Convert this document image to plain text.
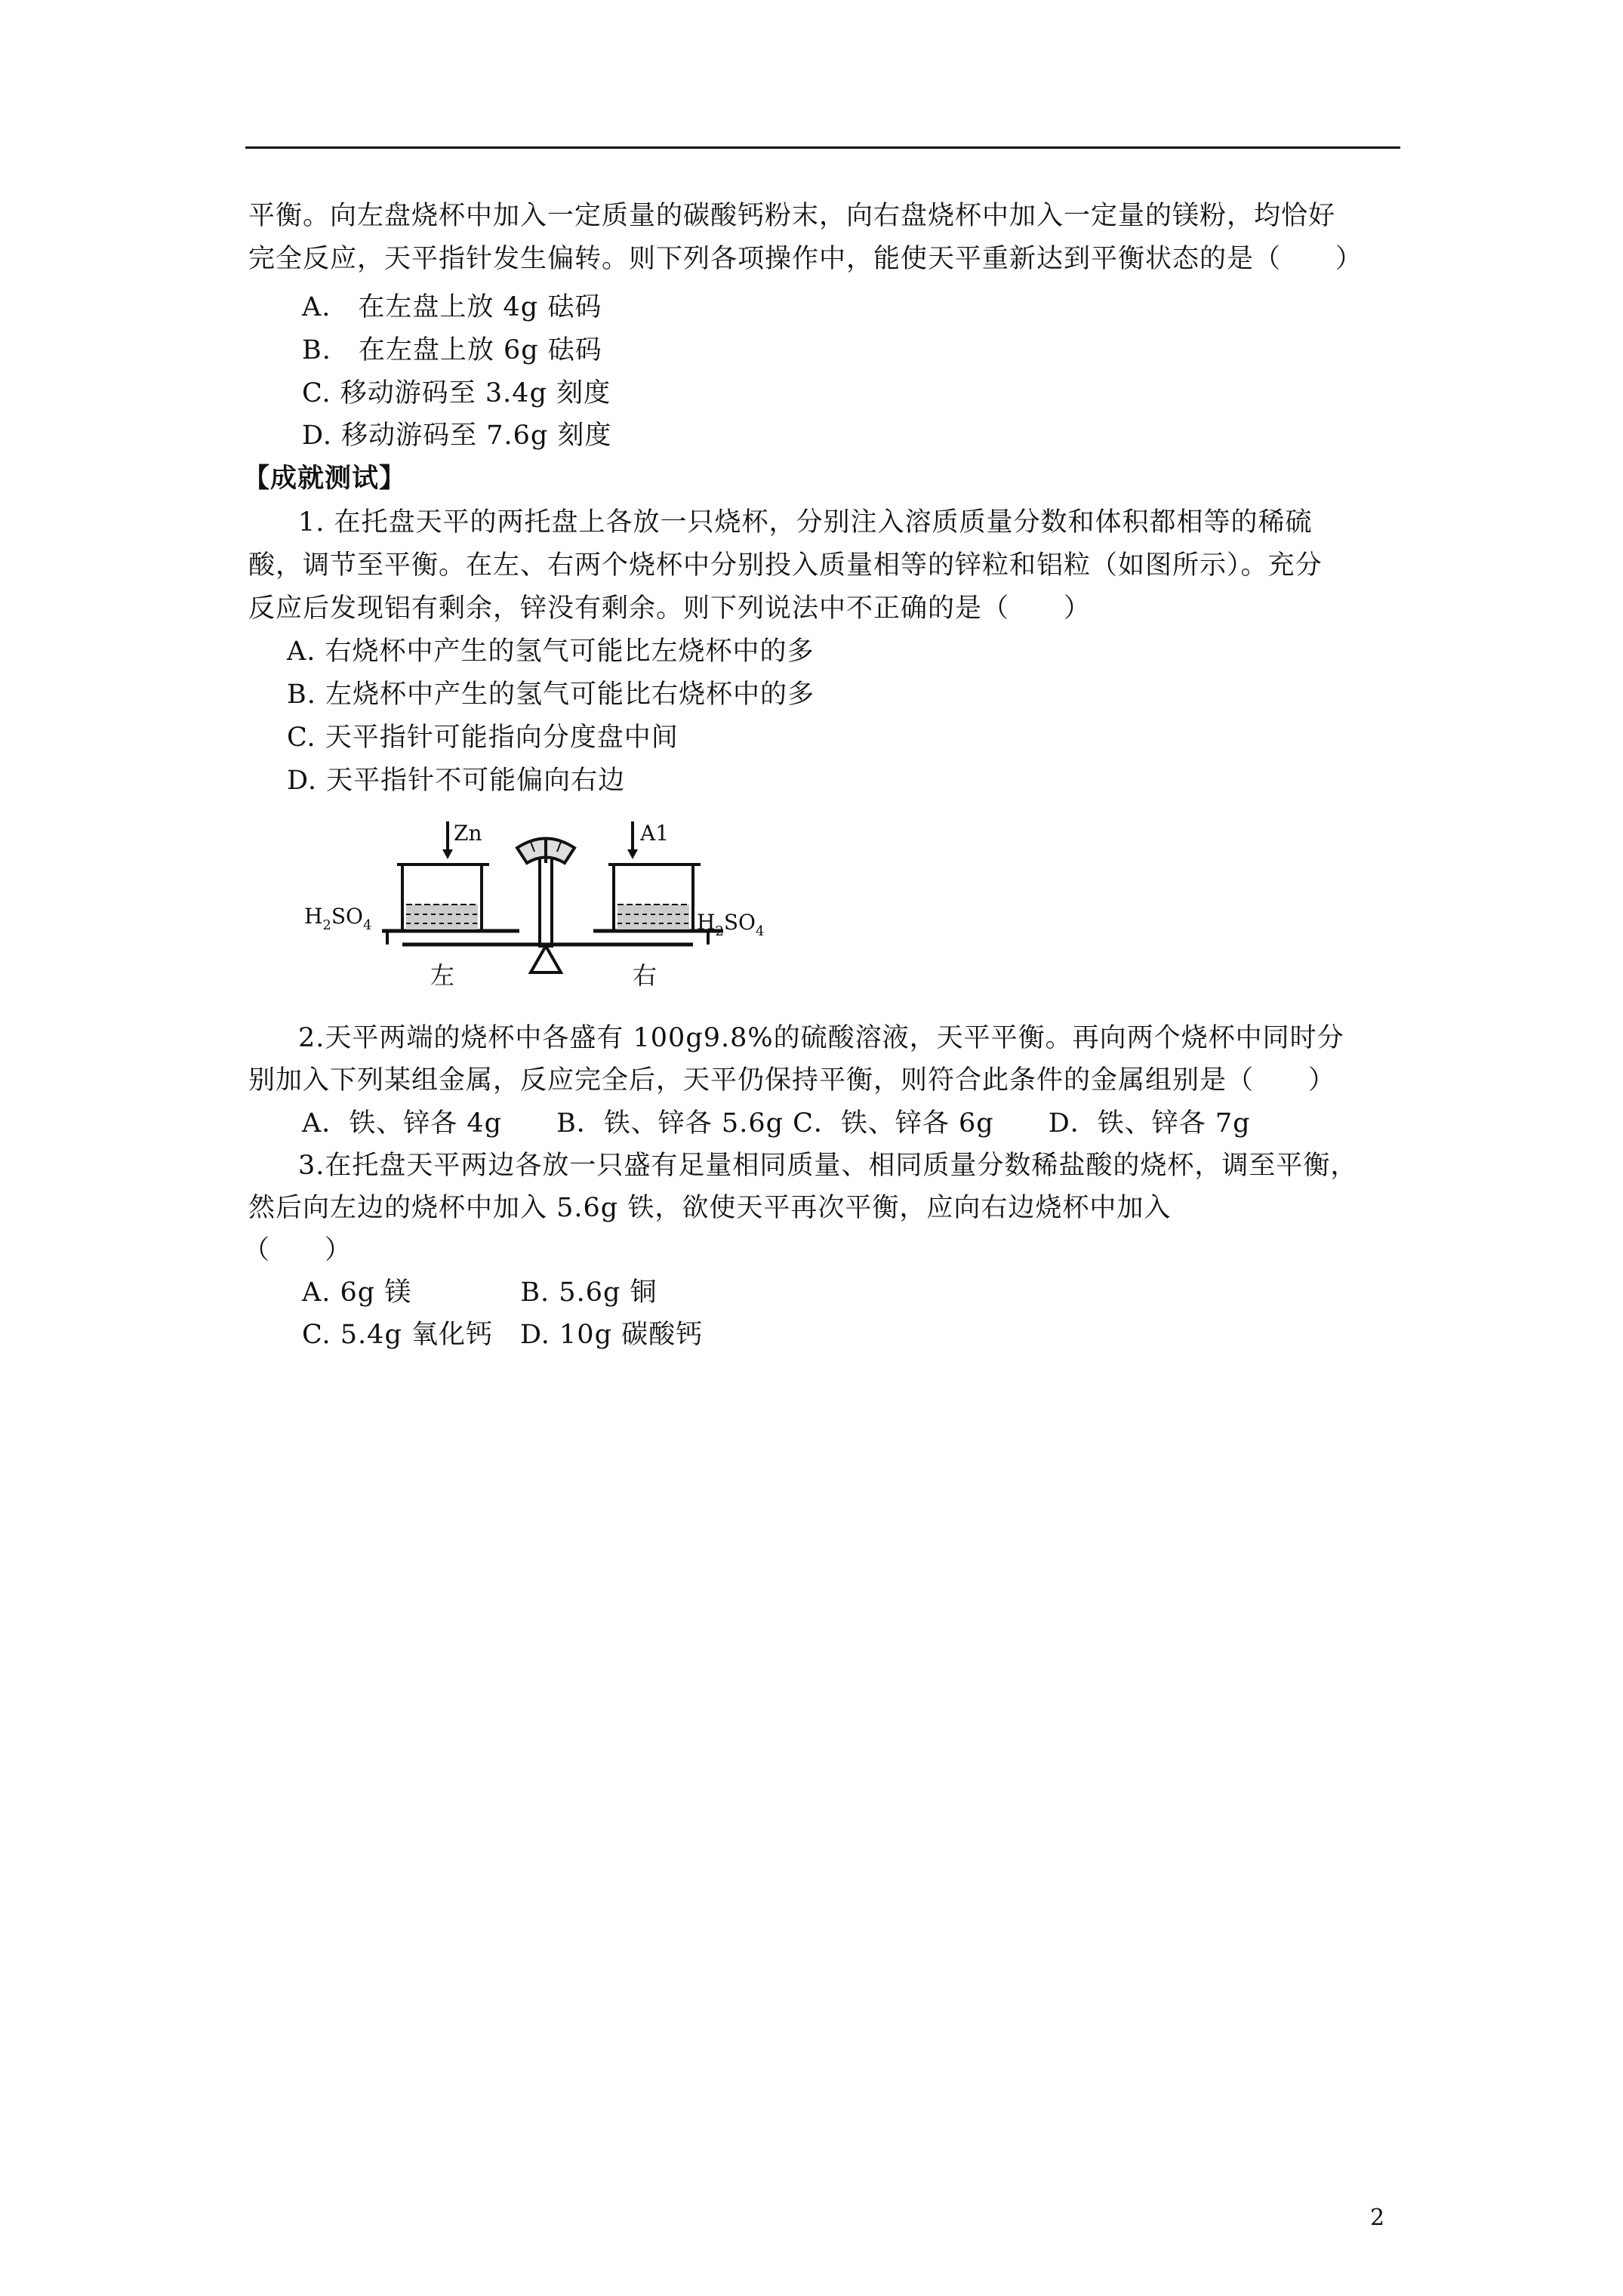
平衡。向左盘烧杯中加入一定质量的碳酸钙粉末，向右盘烧杯中加入一定量的镁粉，均恰好
完全反应，天平指针发生偏转。则下列各项操作中，能使天平重新达到平衡状态的是（　　）
A.　在左盘上放 4g 砝码
B.　在左盘上放 6g 砝码
C. 移动游码至 3.4g 刻度
D. 移动游码至 7.6g 刻度
【成就测试】
1. 在托盘天平的两托盘上各放一只烧杯，分别注入溶质质量分数和体积都相等的稀硫
酸，调节至平衡。在左、右两个烧杯中分别投入质量相等的锌粒和铝粒（如图所示）。充分
反应后发现铝有剩余，锌没有剩余。则下列说法中不正确的是（　　）
A. 右烧杯中产生的氢气可能比左烧杯中的多
B. 左烧杯中产生的氢气可能比右烧杯中的多
C. 天平指针可能指向分度盘中间
D. 天平指针不可能偏向右边
Zn	A1
$H_2SO_4$	$H_2SO_4$
左	右
2.天平两端的烧杯中各盛有 100g9.8%的硫酸溶液，天平平衡。再向两个烧杯中同时分
别加入下列某组金属，反应完全后，天平仍保持平衡，则符合此条件的金属组别是（　　）
A．铁、锌各 4g　　B．铁、锌各 5.6g C．铁、锌各 6g　　D．铁、锌各 7g
3.在托盘天平两边各放一只盛有足量相同质量、相同质量分数稀盐酸的烧杯，调至平衡，
然后向左边的烧杯中加入 5.6g 铁，欲使天平再次平衡，应向右边烧杯中加入
（　　）
A. 6g 镁　　　　B. 5.6g 铜
C. 5.4g 氧化钙　D. 10g 碳酸钙
2
